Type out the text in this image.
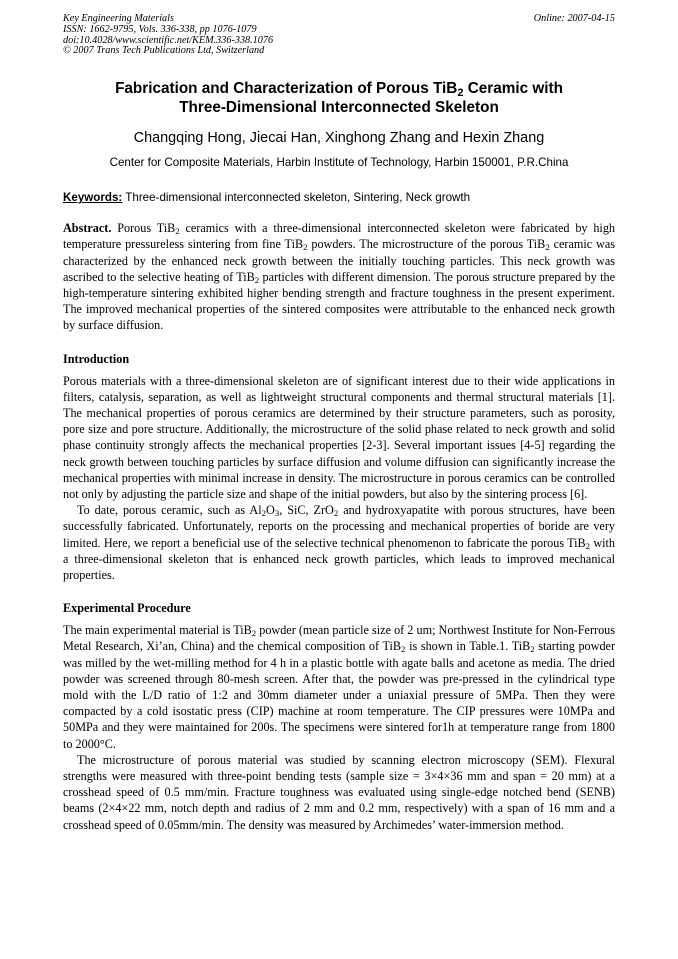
Key Engineering Materials
ISSN: 1662-9795, Vols. 336-338, pp 1076-1079
doi:10.4028/www.scientific.net/KEM.336-338.1076
© 2007 Trans Tech Publications Ltd, Switzerland
Online: 2007-04-15
Fabrication and Characterization of Porous TiB$_2$ Ceramic with
Three-Dimensional Interconnected Skeleton
Changqing Hong, Jiecai Han, Xinghong Zhang and Hexin Zhang
Center for Composite Materials, Harbin Institute of Technology, Harbin 150001, P.R.China
Keywords: Three-dimensional interconnected skeleton, Sintering, Neck growth
Abstract. Porous TiB$_2$ ceramics with a three-dimensional interconnected skeleton were fabricated by high temperature pressureless sintering from fine TiB$_2$ powders. The microstructure of the porous TiB$_2$ ceramic was characterized by the enhanced neck growth between the initially touching particles. This neck growth was ascribed to the selective heating of TiB$_2$ particles with different dimension. The porous structure prepared by the high-temperature sintering exhibited higher bending strength and fracture toughness in the present experiment. The improved mechanical properties of the sintered composites were attributable to the enhanced neck growth by surface diffusion.
Introduction

Porous materials with a three-dimensional skeleton are of significant interest due to their wide applications in filters, catalysis, separation, as well as lightweight structural components and thermal structural materials [1]. The mechanical properties of porous ceramics are determined by their structure parameters, such as porosity, pore size and pore structure. Additionally, the microstructure of the solid phase related to neck growth and solid phase continuity strongly affects the mechanical properties [2-3]. Several important issues [4-5] regarding the neck growth between touching particles by surface diffusion and volume diffusion can significantly increase the mechanical properties with minimal increase in density. The microstructure in porous ceramics can be controlled not only by adjusting the particle size and shape of the initial powders, but also by the sintering process [6].

To date, porous ceramic, such as $Al_2O_3$, SiC, ZrO$_2$ and hydroxyapatite with porous structures, have been successfully fabricated. Unfortunately, reports on the processing and mechanical properties of boride are very limited. Here, we report a beneficial use of the selective technical phenomenon to fabricate the porous TiB$_2$ with a three-dimensional skeleton that is enhanced neck growth particles, which leads to improved mechanical properties.

Experimental Procedure

The main experimental material is TiB$_2$ powder (mean particle size of 2 um; Northwest Institute for Non-Ferrous Metal Research, Xi’an, China) and the chemical composition of TiB$_2$ is shown in Table.1. TiB$_2$ starting powder was milled by the wet-milling method for 4 h in a plastic bottle with agate balls and acetone as media. The dried powder was screened through 80-mesh screen. After that, the powder was pre-pressed in the cylindrical type mold with the L/D ratio of 1:2 and 30mm diameter under a uniaxial pressure of 5MPa. Then they were compacted by a cold isostatic press (CIP) machine at room temperature. The CIP pressures were 10MPa and 50MPa and they were maintained for 200s. The specimens were sintered for1h at temperature range from 1800 to 2000°C.

The microstructure of porous material was studied by scanning electron microscopy (SEM). Flexural strengths were measured with three-point bending tests (sample size = 3×4×36 mm and span = 20 mm) at a crosshead speed of 0.5 mm/min. Fracture toughness was evaluated using single-edge notched bend (SENB) beams (2×4×22 mm, notch depth and radius of 2 mm and 0.2 mm, respectively) with a span of 16 mm and a crosshead speed of 0.05mm/min. The density was measured by Archimedes’ water-immersion method.
